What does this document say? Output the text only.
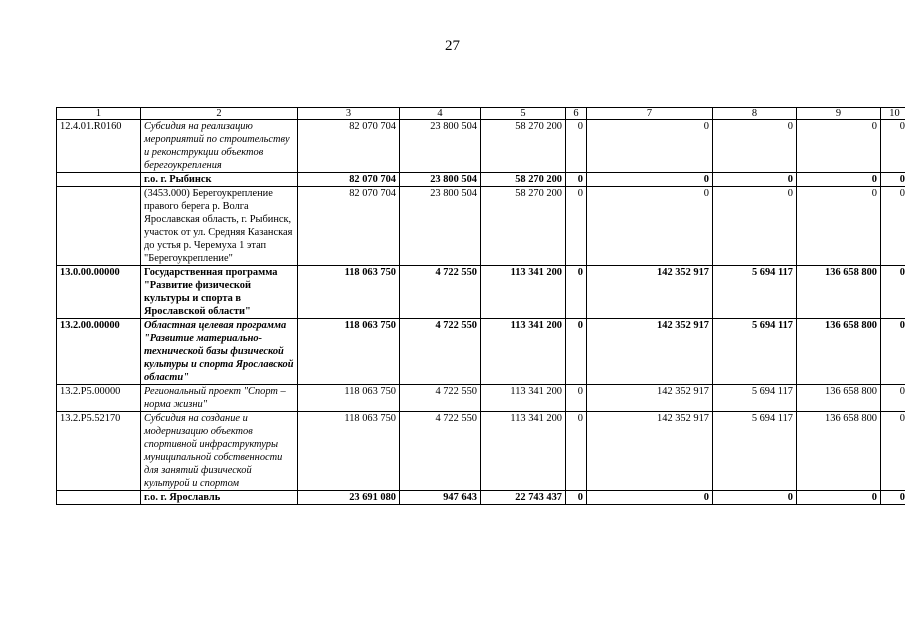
27
1	2	3	4	5	6	7	8	9	10
12.4.01.R0160	Субсидия на реализацию мероприятий по строительству и реконструкции объектов берегоукрепления	82 070 704	23 800 504	58 270 200	0	0	0	0	0
	г.о. г. Рыбинск	82 070 704	23 800 504	58 270 200	0	0	0	0	0
	(3453.000) Берегоукрепление правого берега р. Волга Ярославская область, г. Рыбинск, участок от ул. Средняя Казанская до устья р. Черемуха 1 этап "Берегоукрепление"	82 070 704	23 800 504	58 270 200	0	0	0	0	0
13.0.00.00000	Государственная программа "Развитие физической культуры и спорта в Ярославской области"	118 063 750	4 722 550	113 341 200	0	142 352 917	5 694 117	136 658 800	0
13.2.00.00000	Областная целевая программа "Развитие материально-технической базы физической культуры и спорта Ярославской области"	118 063 750	4 722 550	113 341 200	0	142 352 917	5 694 117	136 658 800	0
13.2.P5.00000	Региональный проект "Спорт – норма жизни"	118 063 750	4 722 550	113 341 200	0	142 352 917	5 694 117	136 658 800	0
13.2.P5.52170	Субсидия на создание и модернизацию объектов спортивной инфраструктуры муниципальной собственности для занятий физической культурой и спортом	118 063 750	4 722 550	113 341 200	0	142 352 917	5 694 117	136 658 800	0
	г.о. г. Ярославль	23 691 080	947 643	22 743 437	0	0	0	0	0
